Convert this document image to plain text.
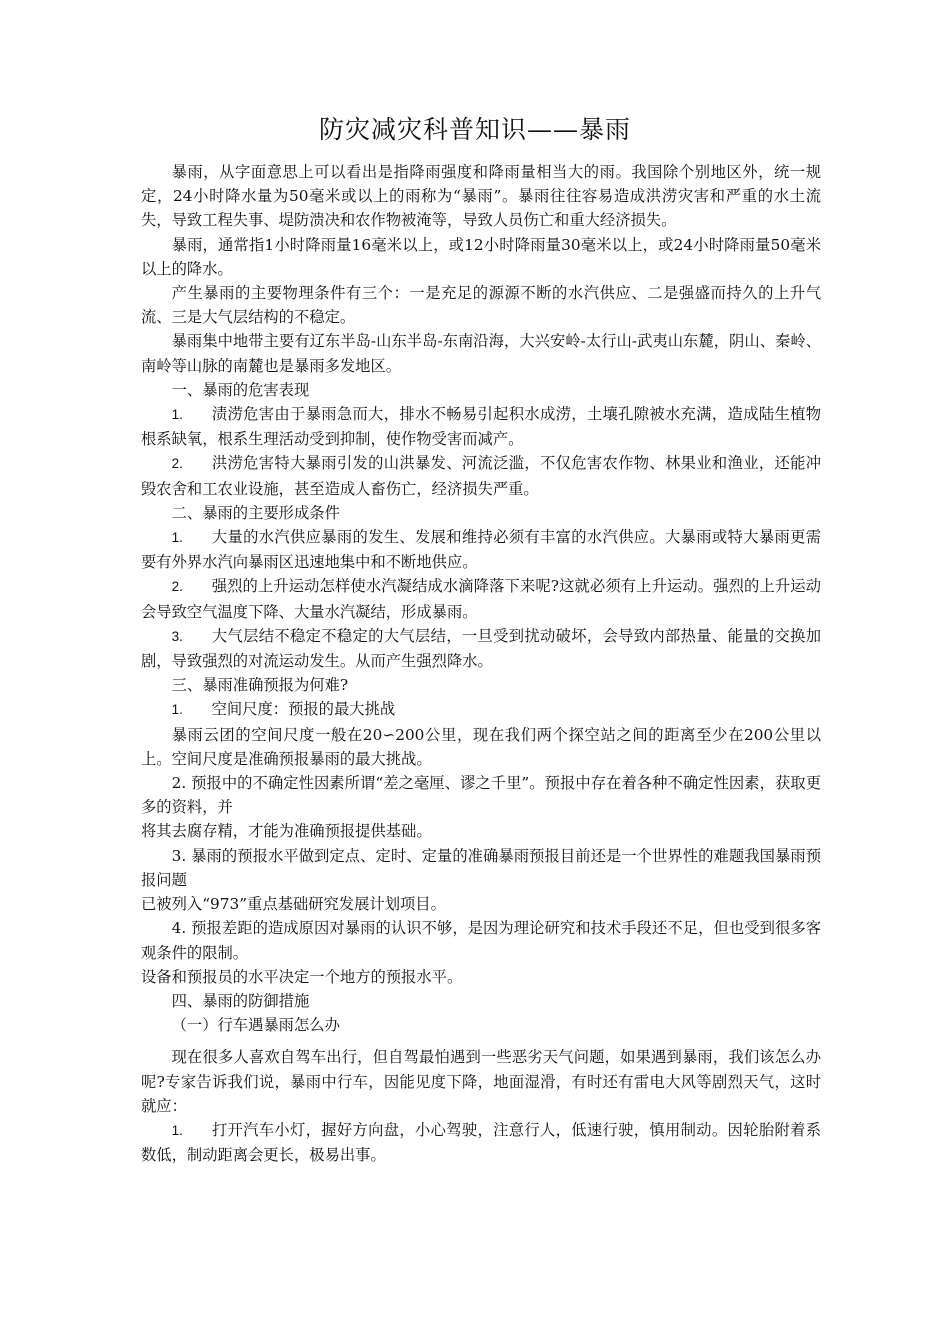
防灾减灾科普知识——暴雨

暴雨，从字面意思上可以看出是指降雨强度和降雨量相当大的雨。我国除个别地区外，统一规定，24小时降水量为50毫米或以上的雨称为“暴雨”。暴雨往往容易造成洪涝灾害和严重的水土流失，导致工程失事、堤防溃决和农作物被淹等，导致人员伤亡和重大经济损失。

暴雨，通常指1小时降雨量16毫米以上，或12小时降雨量30毫米以上，或24小时降雨量50毫米以上的降水。

产生暴雨的主要物理条件有三个：一是充足的源源不断的水汽供应、二是强盛而持久的上升气流、三是大气层结构的不稳定。

暴雨集中地带主要有辽东半岛-山东半岛-东南沿海，大兴安岭-太行山-武夷山东麓，阴山、秦岭、南岭等山脉的南麓也是暴雨多发地区。

一、暴雨的危害表现

1. 渍涝危害由于暴雨急而大，排水不畅易引起积水成涝，土壤孔隙被水充满，造成陆生植物根系缺氧，根系生理活动受到抑制，使作物受害而减产。

2. 洪涝危害特大暴雨引发的山洪暴发、河流泛滥，不仅危害农作物、林果业和渔业，还能冲毁农舍和工农业设施，甚至造成人畜伤亡，经济损失严重。

二、暴雨的主要形成条件

1. 大量的水汽供应暴雨的发生、发展和维持必须有丰富的水汽供应。大暴雨或特大暴雨更需要有外界水汽向暴雨区迅速地集中和不断地供应。

2. 强烈的上升运动怎样使水汽凝结成水滴降落下来呢?这就必须有上升运动。强烈的上升运动会导致空气温度下降、大量水汽凝结，形成暴雨。

3. 大气层结不稳定不稳定的大气层结，一旦受到扰动破坏，会导致内部热量、能量的交换加剧，导致强烈的对流运动发生。从而产生强烈降水。

三、暴雨准确预报为何难?

1. 空间尺度：预报的最大挑战

暴雨云团的空间尺度一般在20∽200公里，现在我们两个探空站之间的距离至少在200公里以上。空间尺度是准确预报暴雨的最大挑战。

2. 预报中的不确定性因素所谓“差之毫厘、谬之千里”。预报中存在着各种不确定性因素，获取更多的资料，并

将其去腐存精，才能为准确预报提供基础。

3. 暴雨的预报水平做到定点、定时、定量的准确暴雨预报目前还是一个世界性的难题我国暴雨预报问题

已被列入“973”重点基础研究发展计划项目。

4. 预报差距的造成原因对暴雨的认识不够，是因为理论研究和技术手段还不足，但也受到很多客观条件的限制。

设备和预报员的水平决定一个地方的预报水平。

四、暴雨的防御措施

（一）行车遇暴雨怎么办

现在很多人喜欢自驾车出行，但自驾最怕遇到一些恶劣天气问题，如果遇到暴雨，我们该怎么办呢?专家告诉我们说，暴雨中行车，因能见度下降，地面湿滑，有时还有雷电大风等剧烈天气，这时就应：

1. 打开汽车小灯，握好方向盘，小心驾驶，注意行人，低速行驶，慎用制动。因轮胎附着系数低，制动距离会更长，极易出事。
